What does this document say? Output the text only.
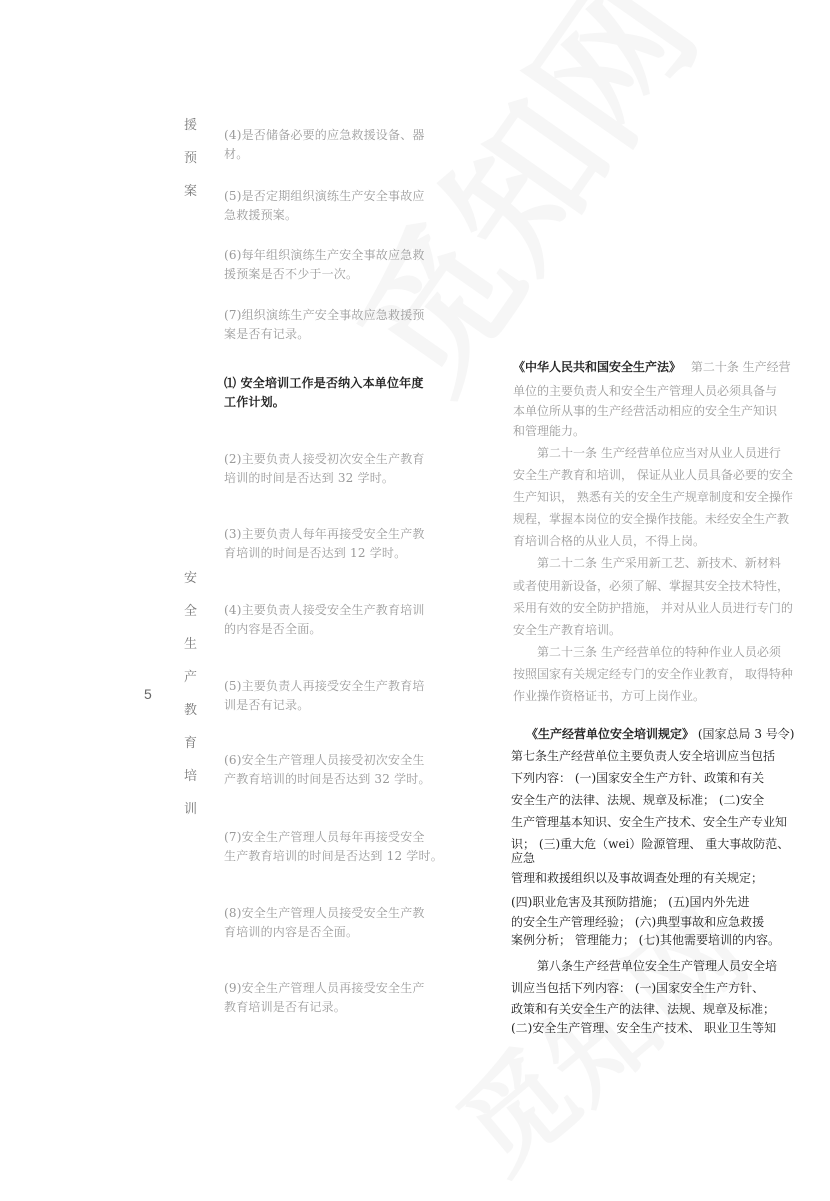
援
预
案
安
全
生
产
教
育
培
训
5
(4)是否储备必要的应急救援设备、器
材。
(5)是否定期组织演练生产安全事故应
急救援预案。
(6)每年组织演练生产安全事故应急救
援预案是否不少于一次。
(7)组织演练生产安全事故应急救援预
案是否有记录。
⑴ 安全培训工作是否纳入本单位年度
工作计划。
(2)主要负责人接受初次安全生产教育
培训的时间是否达到 32 学时。
(3)主要负责人每年再接受安全生产教
育培训的时间是否达到 12 学时。
(4)主要负责人接受安全生产教育培训
的内容是否全面。
(5)主要负责人再接受安全生产教育培
训是否有记录。
(6)安全生产管理人员接受初次安全生
产教育培训的时间是否达到 32 学时。
(7)安全生产管理人员每年再接受安全
生产教育培训的时间是否达到 12 学时。
(8)安全生产管理人员接受安全生产教
育培训的内容是否全面。
(9)安全生产管理人员再接受安全生产
教育培训是否有记录。
《中华人民共和国安全生产法》 第二十条 生产经营
单位的主要负责人和安全生产管理人员必须具备与
本单位所从事的生产经营活动相应的安全生产知识
和管理能力。
第二十一条 生产经营单位应当对从业人员进行
安全生产教育和培训， 保证从业人员具备必要的安全
生产知识， 熟悉有关的安全生产规章制度和安全操作
规程，掌握本岗位的安全操作技能。未经安全生产教
育培训合格的从业人员，不得上岗。
第二十二条 生产采用新工艺、新技术、新材料
或者使用新设备，必须了解、掌握其安全技术特性，
采用有效的安全防护措施， 并对从业人员进行专门的
安全生产教育培训。
第二十三条 生产经营单位的特种作业人员必须
按照国家有关规定经专门的安全作业教育， 取得特种
作业操作资格证书，方可上岗作业。
《生产经营单位安全培训规定》 (国家总局 3 号令)
第七条生产经营单位主要负责人安全培训应当包括
下列内容： (一)国家安全生产方针、政策和有关
安全生产的法律、法规、规章及标准； (二)安全
生产管理基本知识、安全生产技术、安全生产专业知
识； (三)重大危（wei）险源管理、 重大事故防范、
应急
管理和救援组织以及事故调查处理的有关规定；
(四)职业危害及其预防措施； (五)国内外先进
的安全生产管理经验； (六)典型事故和应急救援
案例分析； 管理能力； (七)其他需要培训的内容。
第八条生产经营单位安全生产管理人员安全培
训应当包括下列内容： (一)国家安全生产方针、
政策和有关安全生产的法律、法规、规章及标准；
(二)安全生产管理、安全生产技术、 职业卫生等知
